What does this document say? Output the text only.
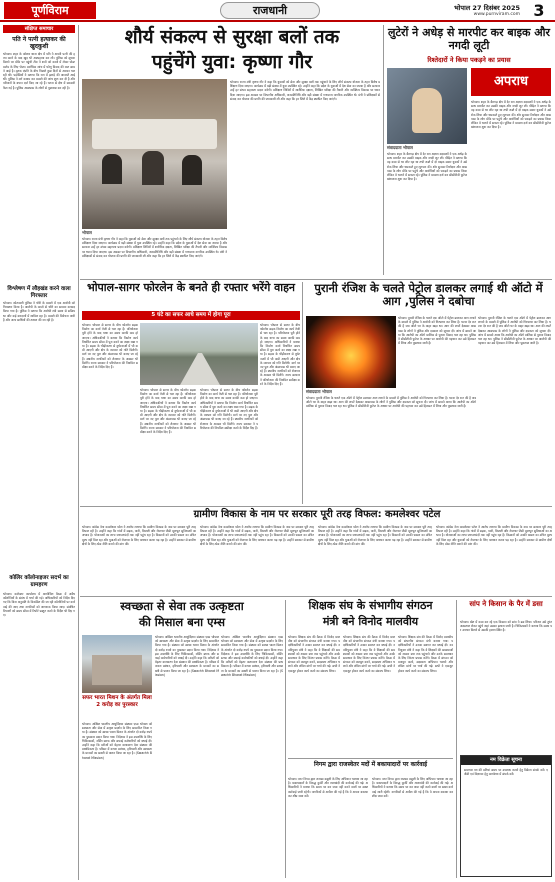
पूर्णविराम	राजधानी	भोपाल 27 दिसंबर 2025
www.purnviram.com 3
संक्षिप्त समाचार
पति ने पत्नी हत्याकर की खुदकुशी
भोपाल। शहर के कोलार थाना क्षेत्र में पति ने अपनी पत्नी की हत्या करने के बाद खुद भी आत्महत्या कर ली। पुलिस को सूचना मिलने पर मौके पर पहुंची टीम ने शवों को कब्जे में लेकर पोस्टमार्टम के लिए भेजा। प्रारंभिक जांच में घरेलू विवाद की बात सामने आई है। मृतक दंपति के बीच पिछले कुछ दिनों से अनबन चल रही थी। पड़ोसियों ने बताया कि रात में झगड़े की आवाजें आई थीं। पुलिस ने मर्ग कायम कर मामले की जांच शुरू कर दी है और परिजनों के बयान दर्ज किए जा रहे हैं। घटना से क्षेत्र में सनसनी फैल गई है। पुलिस आसपास के लोगों से पूछताछ कर रही है।
विश्लेषण में लौहखंड करने वाला गिरफ्तार
भोपाल। कोतवाली पुलिस ने चोरी के मामले में एक आरोपी को गिरफ्तार किया है। आरोपी के कब्जे से चोरी का सामान बरामद किया गया है। पुलिस ने बताया कि आरोपी लंबे समय से सक्रिय था और कई वारदातों में शामिल रहा है। मामले की विवेचना जारी है और अन्य साथियों की तलाश की जा रही है।
कोलिर कॉलोनाइजर सदर्भ का ग्रामहरण
भोपाल। कलेक्टर कार्यालय में आयोजित बैठक में अवैध कॉलोनियों के संबंध में चर्चा की गई। अधिकारियों को निर्देश दिए गए कि बिना अनुमति के विकसित की जा रही कॉलोनियों पर कार्रवाई की जाए तथा नागरिकों को जागरूक किया जाए। संबंधित विभागों को समय सीमा में रिपोर्ट प्रस्तुत करने के निर्देश भी दिए गए।
शौर्य संकल्प से सुरक्षा बलों तक
पहुंचेंगे युवा: कृष्णा गौर
भोपाल
भोपाल। राज्य मंत्री कृष्णा गौर ने कहा कि युवाओं को सेना और सुरक्षा बलों तक पहुंचाने के लिए शौर्य संकल्प योजना के तहत विशेष प्रशिक्षण दिया जाएगा। कार्यक्रम में बड़ी संख्या में युवा उपस्थित रहे। उन्होंने कहा कि प्रदेश के युवाओं में देश सेवा का जज्बा है और सरकार उन्हें हर संभव सहायता प्रदान करेगी। प्रशिक्षण शिविरों में शारीरिक दक्षता, लिखित परीक्षा की तैयारी और व्यक्तित्व विकास पर ध्यान दिया जाएगा। इस अवसर पर विभागीय अधिकारी, जनप्रतिनिधि और बड़ी संख्या में गणमान्य नागरिक उपस्थित थे। मंत्री ने प्रशिक्षकों से संवाद कर योजना की प्रगति की जानकारी ली और कहा कि हर जिले में केंद्र स्थापित किए जाएंगे।
भोपाल। राज्य मंत्री कृष्णा गौर ने कहा कि युवाओं को सेना और सुरक्षा बलों तक पहुंचाने के लिए शौर्य संकल्प योजना के तहत विशेष प्रशिक्षण दिया जाएगा। कार्यक्रम में बड़ी संख्या में युवा उपस्थित रहे। उन्होंने कहा कि प्रदेश के युवाओं में देश सेवा का जज्बा है और सरकार उन्हें हर संभव सहायता प्रदान करेगी। प्रशिक्षण शिविरों में शारीरिक दक्षता, लिखित परीक्षा की तैयारी और व्यक्तित्व विकास पर ध्यान दिया जाएगा। इस अवसर पर विभागीय अधिकारी, जनप्रतिनिधि और बड़ी संख्या में गणमान्य नागरिक उपस्थित थे। मंत्री ने प्रशिक्षकों से संवाद कर योजना की प्रगति की जानकारी ली और कहा कि हर जिले में केंद्र स्थापित किए जाएंगे।
लुटेरों ने अधेड़ से मारपीट कर बाइक और नगदी लूटी
रिश्तेदारों ने किया पकड़ने का प्रयास
संवाददाता भोपाल
भोपाल। शहर के बैरागढ़ क्षेत्र में देर रात अज्ञात बदमाशों ने एक अधेड़ के साथ मारपीट कर उसकी बाइक और नगदी लूट ली। पीड़ित ने बताया कि वह काम से घर लौट रहा था तभी रास्ते में दो बाइक सवार युवकों ने उसे रोक लिया और धमकाते हुए लूटपाट की। शोर सुनकर रिश्तेदार और आसपास के लोग मौके पर पहुंचे और आरोपियों को पकड़ने का प्रयास किया लेकिन वे भागने में सफल रहे। पुलिस ने मामला दर्ज कर सीसीटीवी फुटेज खंगालना शुरू कर दिया है।
अपराध
भोपाल। शहर के बैरागढ़ क्षेत्र में देर रात अज्ञात बदमाशों ने एक अधेड़ के साथ मारपीट कर उसकी बाइक और नगदी लूट ली। पीड़ित ने बताया कि वह काम से घर लौट रहा था तभी रास्ते में दो बाइक सवार युवकों ने उसे रोक लिया और धमकाते हुए लूटपाट की। शोर सुनकर रिश्तेदार और आसपास के लोग मौके पर पहुंचे और आरोपियों को पकड़ने का प्रयास किया लेकिन वे भागने में सफल रहे। पुलिस ने मामला दर्ज कर सीसीटीवी फुटेज खंगालना शुरू कर दिया है।
भोपाल-सागर फोरलेन के बनते ही रफ्तार भरेंगे वाहन
5 घंटे का सफर आधे समय में होगा पूरा
भोपाल। भोपाल से सागर के बीच फोरलेन सड़क निर्माण का कार्य तेजी से चल रहा है। परियोजना पूरी होने के बाद यात्रा का समय काफी कम हो जाएगा। अधिकारियों ने बताया कि निर्माण कार्य निर्धारित समय सीमा में पूरा करने का लक्ष्य रखा गया है। सड़क के चौड़ीकरण से दुर्घटनाओं में भी कमी आएगी और क्षेत्र के व्यापार को गति मिलेगी। मार्ग पर नए पुल और अंडरपास भी बनाए जा रहे हैं। स्थानीय नागरिकों को रोजगार के अवसर भी मिलेंगे। राज्य सरकार ने परियोजना की नियमित समीक्षा करने के निर्देश दिए हैं।
भोपाल। भोपाल से सागर के बीच फोरलेन सड़क निर्माण का कार्य तेजी से चल रहा है। परियोजना पूरी होने के बाद यात्रा का समय काफी कम हो जाएगा। अधिकारियों ने बताया कि निर्माण कार्य निर्धारित समय सीमा में पूरा करने का लक्ष्य रखा गया है। सड़क के चौड़ीकरण से दुर्घटनाओं में भी कमी आएगी और क्षेत्र के व्यापार को गति मिलेगी। मार्ग पर नए पुल और अंडरपास भी बनाए जा रहे हैं। स्थानीय नागरिकों को रोजगार के अवसर भी मिलेंगे। राज्य सरकार ने परियोजना की नियमित समीक्षा करने के निर्देश दिए हैं।
भोपाल। भोपाल से सागर के बीच फोरलेन सड़क निर्माण का कार्य तेजी से चल रहा है। परियोजना पूरी होने के बाद यात्रा का समय काफी कम हो जाएगा। अधिकारियों ने बताया कि निर्माण कार्य निर्धारित समय सीमा में पूरा करने का लक्ष्य रखा गया है। सड़क के चौड़ीकरण से दुर्घटनाओं में भी कमी आएगी और क्षेत्र के व्यापार को गति मिलेगी। मार्ग पर नए पुल और अंडरपास भी बनाए जा रहे हैं। स्थानीय नागरिकों को रोजगार के अवसर भी मिलेंगे। राज्य सरकार ने परियोजना की नियमित समीक्षा करने के निर्देश दिए हैं।
भोपाल। भोपाल से सागर के बीच फोरलेन सड़क निर्माण का कार्य तेजी से चल रहा है। परियोजना पूरी होने के बाद यात्रा का समय काफी कम हो जाएगा। अधिकारियों ने बताया कि निर्माण कार्य निर्धारित समय सीमा में पूरा करने का लक्ष्य रखा गया है। सड़क के चौड़ीकरण से दुर्घटनाओं में भी कमी आएगी और क्षेत्र के व्यापार को गति मिलेगी। मार्ग पर नए पुल और अंडरपास भी बनाए जा रहे हैं। स्थानीय नागरिकों को रोजगार के अवसर भी मिलेंगे। राज्य सरकार ने परियोजना की नियमित समीक्षा करने के निर्देश दिए हैं।
पुरानी रंजिश के चलते पेट्रोल डालकर लगाई थी ऑटो में आग ,पुलिस ने दबोचा
संवाददाता भोपाल
भोपाल। पुरानी रंजिश के चलते एक ऑटो में पेट्रोल डालकर आग लगाने के मामले में पुलिस ने आरोपी को गिरफ्तार कर लिया है। घटना देर रात की है जब ऑटो घर के बाहर खड़ा था। आग की लपटें देखकर आसपास के लोगों ने पुलिस और दमकल को सूचना दी। जांच में सामने आया कि आरोपी का ऑटो मालिक से पुराना विवाद चल रहा था। पुलिस ने सीसीटीवी फुटेज के आधार पर आरोपी की पहचान कर उसे हिरासत में लिया और पूछताछ जारी है।
भोपाल। पुरानी रंजिश के चलते एक ऑटो में पेट्रोल डालकर आग लगाने के मामले में पुलिस ने आरोपी को गिरफ्तार कर लिया है। घटना देर रात की है जब ऑटो घर के बाहर खड़ा था। आग की लपटें देखकर आसपास के लोगों ने पुलिस और दमकल को सूचना दी। जांच में सामने आया कि आरोपी का ऑटो मालिक से पुराना विवाद चल रहा था। पुलिस ने सीसीटीवी फुटेज के आधार पर आरोपी की पहचान कर उसे हिरासत में लिया और पूछताछ जारी है।
भोपाल। पुरानी रंजिश के चलते एक ऑटो में पेट्रोल डालकर आग लगाने के मामले में पुलिस ने आरोपी को गिरफ्तार कर लिया है। घटना देर रात की है जब ऑटो घर के बाहर खड़ा था। आग की लपटें देखकर आसपास के लोगों ने पुलिस और दमकल को सूचना दी। जांच में सामने आया कि आरोपी का ऑटो मालिक से पुराना विवाद चल रहा था। पुलिस ने सीसीटीवी फुटेज के आधार पर आरोपी की पहचान कर उसे हिरासत में लिया और पूछताछ जारी है।
ग्रामीण विकास के नाम पर सरकार पूरी तरह विफल: कमलेश्वर पटेल
भोपाल। कांग्रेस नेता कमलेश्वर पटेल ने आरोप लगाया कि ग्रामीण विकास के नाम पर सरकार पूरी तरह विफल रही है। उन्होंने कहा कि गांवों में सड़क, पानी, बिजली और रोजगार जैसी मूलभूत सुविधाओं का अभाव है। योजनाओं का लाभ जरूरतमंदों तक नहीं पहुंच रहा है। किसानों को उनकी फसल का उचित मूल्य नहीं मिल रहा और युवाओं को रोजगार के लिए पलायन करना पड़ रहा है। उन्होंने सरकार से ग्रामीण क्षेत्रों के लिए ठोस नीति बनाने की मांग की।
भोपाल। कांग्रेस नेता कमलेश्वर पटेल ने आरोप लगाया कि ग्रामीण विकास के नाम पर सरकार पूरी तरह विफल रही है। उन्होंने कहा कि गांवों में सड़क, पानी, बिजली और रोजगार जैसी मूलभूत सुविधाओं का अभाव है। योजनाओं का लाभ जरूरतमंदों तक नहीं पहुंच रहा है। किसानों को उनकी फसल का उचित मूल्य नहीं मिल रहा और युवाओं को रोजगार के लिए पलायन करना पड़ रहा है। उन्होंने सरकार से ग्रामीण क्षेत्रों के लिए ठोस नीति बनाने की मांग की।
भोपाल। कांग्रेस नेता कमलेश्वर पटेल ने आरोप लगाया कि ग्रामीण विकास के नाम पर सरकार पूरी तरह विफल रही है। उन्होंने कहा कि गांवों में सड़क, पानी, बिजली और रोजगार जैसी मूलभूत सुविधाओं का अभाव है। योजनाओं का लाभ जरूरतमंदों तक नहीं पहुंच रहा है। किसानों को उनकी फसल का उचित मूल्य नहीं मिल रहा और युवाओं को रोजगार के लिए पलायन करना पड़ रहा है। उन्होंने सरकार से ग्रामीण क्षेत्रों के लिए ठोस नीति बनाने की मांग की।
भोपाल। कांग्रेस नेता कमलेश्वर पटेल ने आरोप लगाया कि ग्रामीण विकास के नाम पर सरकार पूरी तरह विफल रही है। उन्होंने कहा कि गांवों में सड़क, पानी, बिजली और रोजगार जैसी मूलभूत सुविधाओं का अभाव है। योजनाओं का लाभ जरूरतमंदों तक नहीं पहुंच रहा है। किसानों को उनकी फसल का उचित मूल्य नहीं मिल रहा और युवाओं को रोजगार के लिए पलायन करना पड़ रहा है। उन्होंने सरकार से ग्रामीण क्षेत्रों के लिए ठोस नीति बनाने की मांग की।
स्वच्छता से सेवा तक उत्कृष्टता
की मिसाल बना एम्स
सफर भारत मिशन के अंतर्गत मिला 2 करोड़ का पुरस्कार
भोपाल। अखिल भारतीय आयुर्विज्ञान संस्थान एम्स भोपाल को स्वच्छता और सेवा में उत्कृष्ट प्रदर्शन के लिए सम्मानित किया गया है। संस्थान को स्वच्छ भारत मिशन के अंतर्गत दो करोड़ रुपये का पुरस्कार प्रदान किया गया। निदेशक ने इस उपलब्धि के लिए चिकित्सकों, नर्सिंग स्टाफ और सफाई कर्मचारियों को बधाई दी। उन्होंने कहा कि मरीजों को बेहतर वातावरण देना संस्थान की प्राथमिकता है। परिसर में कचरा प्रबंधन, हरियाली और स्वच्छता के मानकों का सख्ती से पालन किया जा रहा है। (Swachh Bharat Mission)
भोपाल। अखिल भारतीय आयुर्विज्ञान संस्थान एम्स भोपाल को स्वच्छता और सेवा में उत्कृष्ट प्रदर्शन के लिए सम्मानित किया गया है। संस्थान को स्वच्छ भारत मिशन के अंतर्गत दो करोड़ रुपये का पुरस्कार प्रदान किया गया। निदेशक ने इस उपलब्धि के लिए चिकित्सकों, नर्सिंग स्टाफ और सफाई कर्मचारियों को बधाई दी। उन्होंने कहा कि मरीजों को बेहतर वातावरण देना संस्थान की प्राथमिकता है। परिसर में कचरा प्रबंधन, हरियाली और स्वच्छता के मानकों का सख्ती से पालन किया जा रहा है। (Swachh Bharat Mission)
भोपाल। अखिल भारतीय आयुर्विज्ञान संस्थान एम्स भोपाल को स्वच्छता और सेवा में उत्कृष्ट प्रदर्शन के लिए सम्मानित किया गया है। संस्थान को स्वच्छ भारत मिशन के अंतर्गत दो करोड़ रुपये का पुरस्कार प्रदान किया गया। निदेशक ने इस उपलब्धि के लिए चिकित्सकों, नर्सिंग स्टाफ और सफाई कर्मचारियों को बधाई दी। उन्होंने कहा कि मरीजों को बेहतर वातावरण देना संस्थान की प्राथमिकता है। परिसर में कचरा प्रबंधन, हरियाली और स्वच्छता के मानकों का सख्ती से पालन किया जा रहा है। (Swachh Bharat Mission)
शिक्षक संघ के संभागीय संगठन
मंत्री बने विनोद मालवीय
भोपाल। शिक्षक संघ की बैठक में विनोद मालवीय को संभागीय संगठन मंत्री बनाया गया। पदाधिकारियों ने उनका स्वागत कर बधाई दी। नवनियुक्त मंत्री ने कहा कि वे शिक्षकों की समस्याओं को शासन स्तर तक पहुंचाने और उनके समाधान के लिए निरंतर प्रयास करेंगे। बैठक में संगठन को मजबूत करने, सदस्यता अभियान चलाने और लंबित मांगों पर चर्चा की गई। सभी ने एकजुट होकर कार्य करने का संकल्प लिया।
भोपाल। शिक्षक संघ की बैठक में विनोद मालवीय को संभागीय संगठन मंत्री बनाया गया। पदाधिकारियों ने उनका स्वागत कर बधाई दी। नवनियुक्त मंत्री ने कहा कि वे शिक्षकों की समस्याओं को शासन स्तर तक पहुंचाने और उनके समाधान के लिए निरंतर प्रयास करेंगे। बैठक में संगठन को मजबूत करने, सदस्यता अभियान चलाने और लंबित मांगों पर चर्चा की गई। सभी ने एकजुट होकर कार्य करने का संकल्प लिया।
भोपाल। शिक्षक संघ की बैठक में विनोद मालवीय को संभागीय संगठन मंत्री बनाया गया। पदाधिकारियों ने उनका स्वागत कर बधाई दी। नवनियुक्त मंत्री ने कहा कि वे शिक्षकों की समस्याओं को शासन स्तर तक पहुंचाने और उनके समाधान के लिए निरंतर प्रयास करेंगे। बैठक में संगठन को मजबूत करने, सदस्यता अभियान चलाने और लंबित मांगों पर चर्चा की गई। सभी ने एकजुट होकर कार्य करने का संकल्प लिया।
निगम द्वारा राजस्वेतर मदों में बकायादारों पर कार्रवाई
भोपाल। नगर निगम द्वारा राजस्व वसूली के लिए अभियान चलाया जा रहा है। बकायादारों के विरुद्ध कुर्की और तालाबंदी की कार्रवाई की गई। अधिकारियों ने बताया कि समय पर कर जमा नहीं करने वालों पर सख्त कार्रवाई जारी रहेगी। नागरिकों से अपील की गई है कि वे अपना बकाया कर शीघ्र जमा करें।
भोपाल। नगर निगम द्वारा राजस्व वसूली के लिए अभियान चलाया जा रहा है। बकायादारों के विरुद्ध कुर्की और तालाबंदी की कार्रवाई की गई। अधिकारियों ने बताया कि समय पर कर जमा नहीं करने वालों पर सख्त कार्रवाई जारी रहेगी। नागरिकों से अपील की गई है कि वे अपना बकाया कर शीघ्र जमा करें।
सांप ने किसान के पैर में डसा
भोपाल। खेत में काम कर रहे एक किसान को सांप ने डस लिया। परिजन उसे तुरंत अस्पताल लेकर पहुंचे जहां उसका इलाज जारी है। चिकित्सकों ने बताया कि समय पर उपचार मिलने से उसकी हालत स्थिर है।
नम विक्रेता सूचना
समाचार पत्र की प्रतियां समय पर उपलब्ध कराने हेतु विक्रेता संपर्क करें। एजेंसी एवं विज्ञापन हेतु कार्यालय में संपर्क करें।
